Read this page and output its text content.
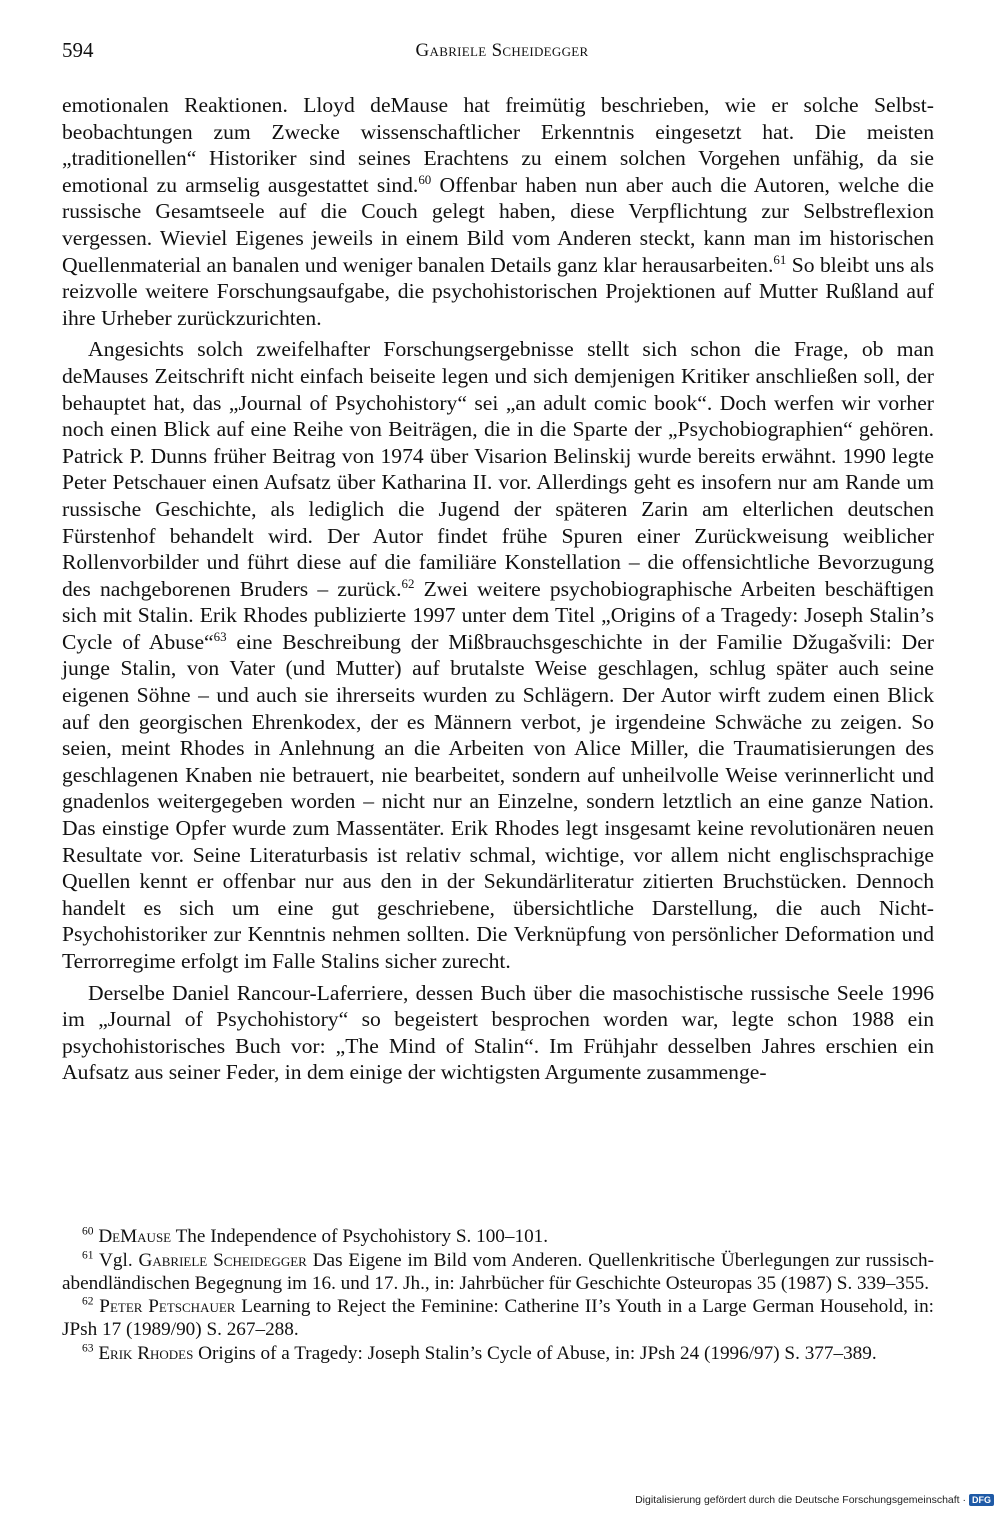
594	Gabriele Scheidegger

emotionalen Reaktionen. Lloyd deMause hat freimütig beschrieben, wie er solche Selbstbeobachtungen zum Zwecke wissenschaftlicher Erkenntnis eingesetzt hat. Die meisten „traditionellen“ Historiker sind seines Erachtens zu einem solchen Vorgehen unfähig, da sie emotional zu armselig ausgestattet sind.$^{60}$ Offenbar haben nun aber auch die Autoren, welche die russische Gesamtseele auf die Couch gelegt haben, diese Verpflichtung zur Selbstreflexion vergessen. Wieviel Eigenes jeweils in einem Bild vom Anderen steckt, kann man im historischen Quellenmaterial an banalen und weniger banalen Details ganz klar herausarbeiten.$^{61}$ So bleibt uns als reizvolle weitere Forschungsaufgabe, die psychohistorischen Projektionen auf Mutter Rußland auf ihre Urheber zurückzurichten.

Angesichts solch zweifelhafter Forschungsergebnisse stellt sich schon die Frage, ob man deMauses Zeitschrift nicht einfach beiseite legen und sich demjenigen Kritiker anschließen soll, der behauptet hat, das „Journal of Psychohistory“ sei „an adult comic book“. Doch werfen wir vorher noch einen Blick auf eine Reihe von Beiträgen, die in die Sparte der „Psychobiographien“ gehören. Patrick P. Dunns früher Beitrag von 1974 über Visarion Belinskij wurde bereits erwähnt. 1990 legte Peter Petschauer einen Aufsatz über Katharina II. vor. Allerdings geht es insofern nur am Rande um russische Geschichte, als lediglich die Jugend der späteren Zarin am elterlichen deutschen Fürstenhof behandelt wird. Der Autor findet frühe Spuren einer Zurückweisung weiblicher Rollenvorbilder und führt diese auf die familiäre Konstellation – die offensichtliche Bevorzugung des nachgeborenen Bruders – zurück.$^{62}$ Zwei weitere psychobiographische Arbeiten beschäftigen sich mit Stalin. Erik Rhodes publizierte 1997 unter dem Titel „Origins of a Tragedy: Joseph Stalin’s Cycle of Abuse“$^{63}$ eine Beschreibung der Mißbrauchsgeschichte in der Familie Džugašvili: Der junge Stalin, von Vater (und Mutter) auf brutalste Weise geschlagen, schlug später auch seine eigenen Söhne – und auch sie ihrerseits wurden zu Schlägern. Der Autor wirft zudem einen Blick auf den georgischen Ehrenkodex, der es Männern verbot, je irgendeine Schwäche zu zeigen. So seien, meint Rhodes in Anlehnung an die Arbeiten von Alice Miller, die Traumatisierungen des geschlagenen Knaben nie betrauert, nie bearbeitet, sondern auf unheilvolle Weise verinnerlicht und gnadenlos weitergegeben worden – nicht nur an Einzelne, sondern letztlich an eine ganze Nation. Das einstige Opfer wurde zum Massentäter. Erik Rhodes legt insgesamt keine revolutionären neuen Resultate vor. Seine Literaturbasis ist relativ schmal, wichtige, vor allem nicht englischsprachige Quellen kennt er offenbar nur aus den in der Sekundärliteratur zitierten Bruchstücken. Dennoch handelt es sich um eine gut geschriebene, übersichtliche Darstellung, die auch Nicht-Psychohistoriker zur Kenntnis nehmen sollten. Die Verknüpfung von persönlicher Deformation und Terrorregime erfolgt im Falle Stalins sicher zurecht.

Derselbe Daniel Rancour-Laferriere, dessen Buch über die masochistische russische Seele 1996 im „Journal of Psychohistory“ so begeistert besprochen worden war, legte schon 1988 ein psychohistorisches Buch vor: „The Mind of Stalin“. Im Frühjahr desselben Jahres erschien ein Aufsatz aus seiner Feder, in dem einige der wichtigsten Argumente zusammenge-

$^{60}$ DeMause The Independence of Psychohistory S. 100–101.

$^{61}$ Vgl. Gabriele Scheidegger Das Eigene im Bild vom Anderen. Quellenkritische Überlegungen zur russisch-abendländischen Begegnung im 16. und 17. Jh., in: Jahrbücher für Geschichte Osteuropas 35 (1987) S. 339–355.

$^{62}$ Peter Petschauer Learning to Reject the Feminine: Catherine II’s Youth in a Large German Household, in: JPsh 17 (1989/90) S. 267–288.

$^{63}$ Erik Rhodes Origins of a Tragedy: Joseph Stalin’s Cycle of Abuse, in: JPsh 24 (1996/97) S. 377–389.

Digitalisierung gefördert durch die Deutsche Forschungsgemeinschaft · DFG
